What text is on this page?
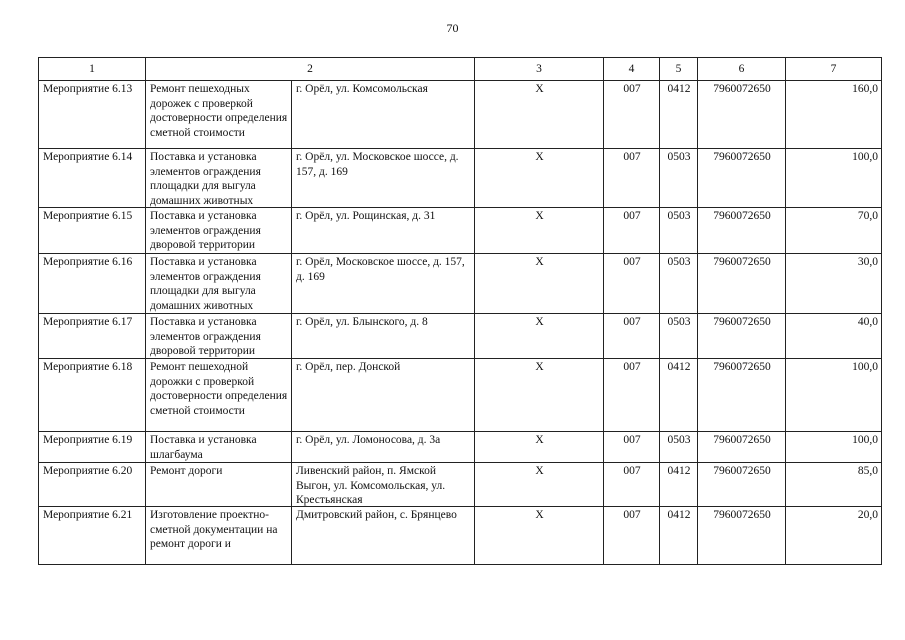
70
1	2		3	4	5	6	7

Мероприятие 6.13	Ремонт пешеходных дорожек с проверкой достоверности определения сметной стоимости	г. Орёл, ул. Комсомольская	X	007	0412	7960072650	160,0

Мероприятие 6.14	Поставка и установка элементов ограждения площадки для выгула домашних животных	г. Орёл, ул. Московское шоссе, д. 157, д. 169	X	007	0503	7960072650	100,0

Мероприятие 6.15	Поставка и установка элементов ограждения дворовой территории	г. Орёл, ул. Рощинская, д. 31	X	007	0503	7960072650	70,0

Мероприятие 6.16	Поставка и установка элементов ограждения площадки для выгула домашних животных	г. Орёл, Московское шоссе, д. 157, д. 169	X	007	0503	7960072650	30,0

Мероприятие 6.17	Поставка и установка элементов ограждения дворовой территории	г. Орёл, ул. Блынского, д. 8	X	007	0503	7960072650	40,0

Мероприятие 6.18	Ремонт пешеходной дорожки с проверкой достоверности определения сметной стоимости	г. Орёл, пер. Донской	X	007	0412	7960072650	100,0

Мероприятие 6.19	Поставка и установка шлагбаума	г. Орёл, ул. Ломоносова, д. 3а	X	007	0503	7960072650	100,0

Мероприятие 6.20	Ремонт дороги	Ливенский район, п. Ямской Выгон, ул. Комсомольская, ул. Крестьянская	X	007	0412	7960072650	85,0

Мероприятие 6.21	Изготовление проектно-сметной документации на ремонт дороги и	Дмитровский район, с. Брянцево	X	007	0412	7960072650	20,0
